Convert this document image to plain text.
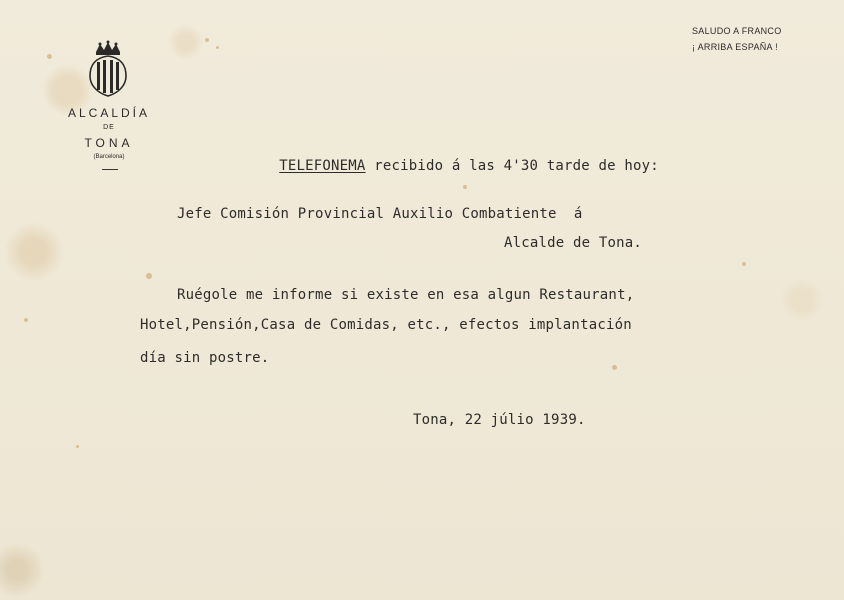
ALCALDÍA
DE
TONA
(Barcelona)
SALUDO A FRANCO
¡ ARRIBA ESPAÑA !

TELEFONEMA recibido á las 4'30 tarde de hoy:

Jefe Comisión Provincial Auxilio Combatiente  á
Alcalde de Tona.
Ruégole me informe si existe en esa algun Restaurant,
Hotel,Pensión,Casa de Comidas, etc., efectos implantación
día sin postre.
Tona, 22 júlio 1939.
